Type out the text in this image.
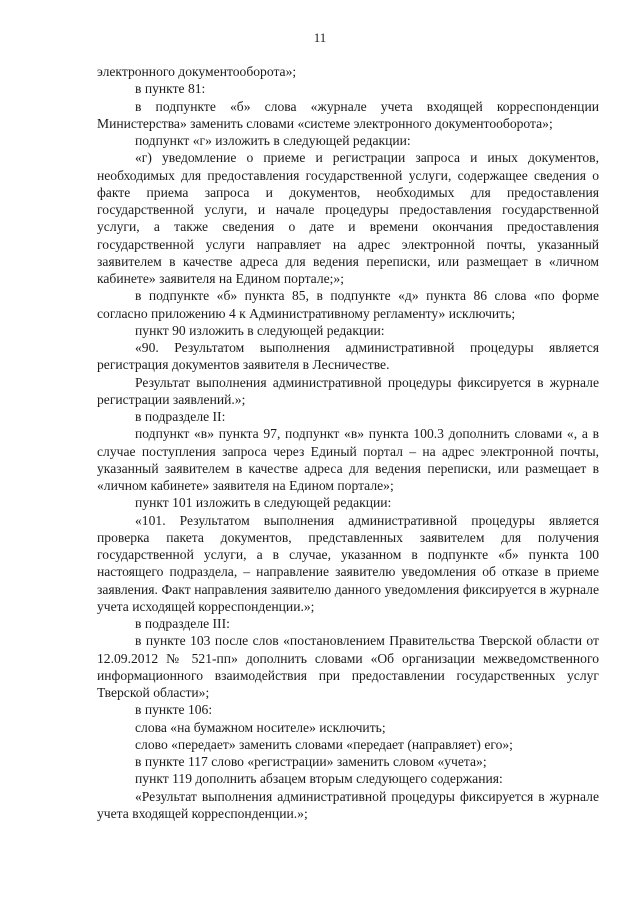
11

электронного документооборота»;

в пункте 81:

в подпункте «б» слова «журнале учета входящей корреспонденции Министерства» заменить словами «системе электронного документооборота»;

подпункт «г» изложить в следующей редакции:

«г) уведомление о приеме и регистрации запроса и иных документов, необходимых для предоставления государственной услуги, содержащее сведения о факте приема запроса и документов, необходимых для предоставления государственной услуги, и начале процедуры предоставления государственной услуги, а также сведения о дате и времени окончания предоставления государственной услуги направляет на адрес электронной почты, указанный заявителем в качестве адреса для ведения переписки, или размещает в «личном кабинете» заявителя на Едином портале;»;

в подпункте «б» пункта 85, в подпункте «д» пункта 86 слова «по форме согласно приложению 4 к Административному регламенту» исключить;

пункт 90 изложить в следующей редакции:

«90. Результатом выполнения административной процедуры является регистрация документов заявителя в Лесничестве.

Результат выполнения административной процедуры фиксируется в журнале регистрации заявлений.»;

в подразделе II:

подпункт «в» пункта 97, подпункт «в» пункта 100.3 дополнить словами «, а в случае поступления запроса через Единый портал – на адрес электронной почты, указанный заявителем в качестве адреса для ведения переписки, или размещает в «личном кабинете» заявителя на Едином портале»;

пункт 101 изложить в следующей редакции:

«101. Результатом выполнения административной процедуры является проверка пакета документов, представленных заявителем для получения государственной услуги, а в случае, указанном в подпункте «б» пункта 100 настоящего подраздела, – направление заявителю уведомления об отказе в приеме заявления. Факт направления заявителю данного уведомления фиксируется в журнале учета исходящей корреспонденции.»;

в подразделе III:

в пункте 103 после слов «постановлением Правительства Тверской области от 12.09.2012 № 521-пп» дополнить словами «Об организации межведомственного информационного взаимодействия при предоставлении государственных услуг Тверской области»;

в пункте 106:

слова «на бумажном носителе» исключить;

слово «передает» заменить словами «передает (направляет) его»;

в пункте 117 слово «регистрации» заменить словом «учета»;

пункт 119 дополнить абзацем вторым следующего содержания:

«Результат выполнения административной процедуры фиксируется в журнале учета входящей корреспонденции.»;
